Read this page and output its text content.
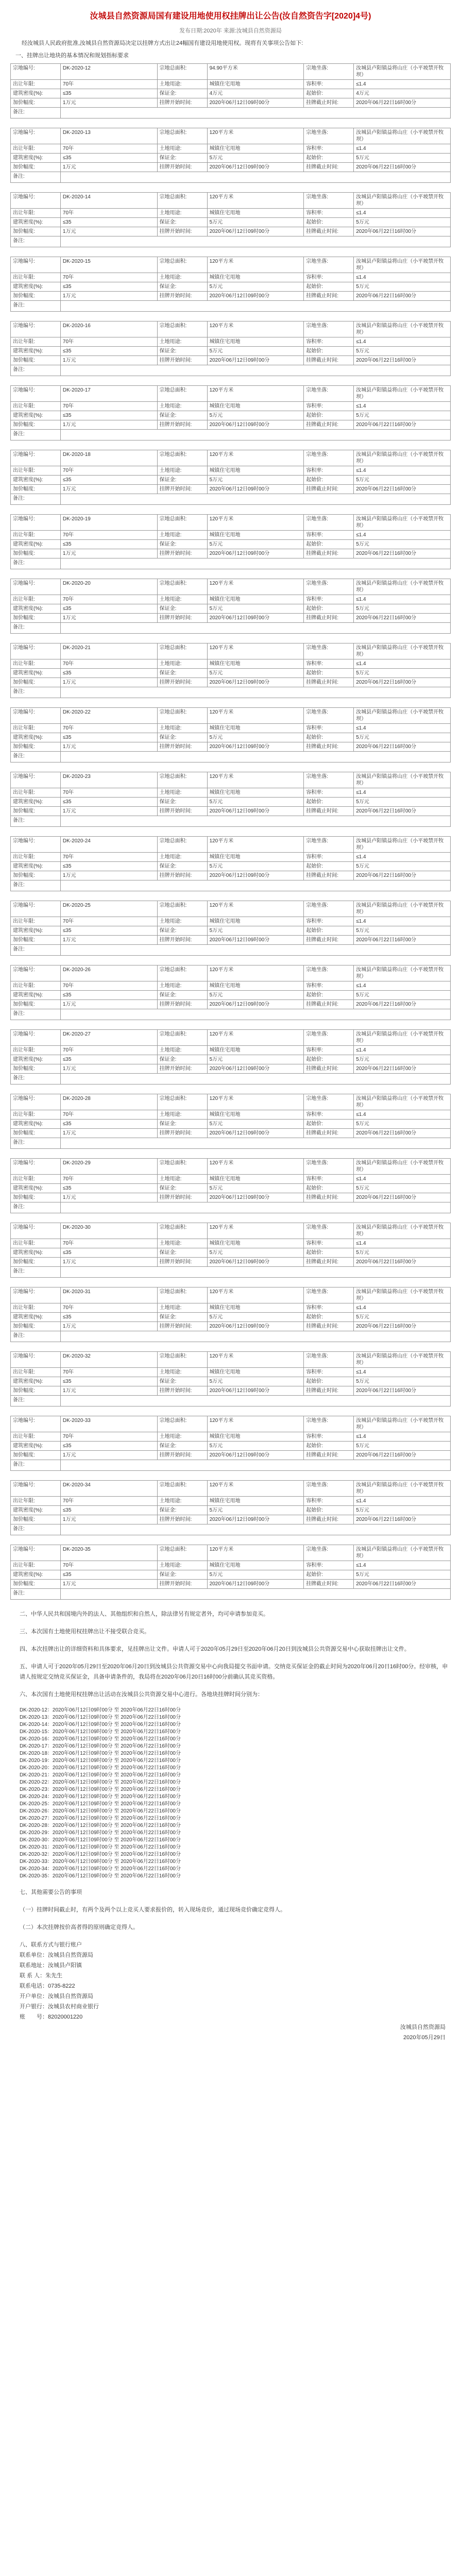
汝城县自然资源局国有建设用地使用权挂牌出让公告(汝自然资告字[2020]4号)
发布日期:2020年 来源:汝城县自然资源局

经汝城县人民政府批准,汝城县自然资源局决定以挂牌方式出让24幅国有建设用地使用权。现将有关事项公告如下:

一、挂牌出让地块的基本情况和规划指标要求
宗地编号:	DK-2020-12	宗地总面积:	94.90平方米	宗地坐落:	汝城县卢阳镇益将山庄（小平坡禁开牧坝）
出让年限:	70年	土地用途:	城镇住宅用地	容积率:	≤1.4
建筑密度(%):	≤35	保证金:	4万元	起始价:	4万元
加价幅度:	1万元	挂牌开始时间:	2020年06月12日09时00分	挂牌截止时间:	2020年06月22日16时00分
备注:					
宗地编号:	DK-2020-13	宗地总面积:	120平方米	宗地坐落:	汝城县卢阳镇益将山庄（小平坡禁开牧坝）
出让年限:	70年	土地用途:	城镇住宅用地	容积率:	≤1.4
建筑密度(%):	≤35	保证金:	5万元	起始价:	5万元
加价幅度:	1万元	挂牌开始时间:	2020年06月12日09时00分	挂牌截止时间:	2020年06月22日16时00分
备注:					
宗地编号:	DK-2020-14	宗地总面积:	120平方米	宗地坐落:	汝城县卢阳镇益将山庄（小平坡禁开牧坝）
出让年限:	70年	土地用途:	城镇住宅用地	容积率:	≤1.4
建筑密度(%):	≤35	保证金:	5万元	起始价:	5万元
加价幅度:	1万元	挂牌开始时间:	2020年06月12日09时00分	挂牌截止时间:	2020年06月22日16时00分
备注:					
宗地编号:	DK-2020-15	宗地总面积:	120平方米	宗地坐落:	汝城县卢阳镇益将山庄（小平坡禁开牧坝）
出让年限:	70年	土地用途:	城镇住宅用地	容积率:	≤1.4
建筑密度(%):	≤35	保证金:	5万元	起始价:	5万元
加价幅度:	1万元	挂牌开始时间:	2020年06月12日09时00分	挂牌截止时间:	2020年06月22日16时00分
备注:					
宗地编号:	DK-2020-16	宗地总面积:	120平方米	宗地坐落:	汝城县卢阳镇益将山庄（小平坡禁开牧坝）
出让年限:	70年	土地用途:	城镇住宅用地	容积率:	≤1.4
建筑密度(%):	≤35	保证金:	5万元	起始价:	5万元
加价幅度:	1万元	挂牌开始时间:	2020年06月12日09时00分	挂牌截止时间:	2020年06月22日16时00分
备注:					
宗地编号:	DK-2020-17	宗地总面积:	120平方米	宗地坐落:	汝城县卢阳镇益将山庄（小平坡禁开牧坝）
出让年限:	70年	土地用途:	城镇住宅用地	容积率:	≤1.4
建筑密度(%):	≤35	保证金:	5万元	起始价:	5万元
加价幅度:	1万元	挂牌开始时间:	2020年06月12日09时00分	挂牌截止时间:	2020年06月22日16时00分
备注:					
宗地编号:	DK-2020-18	宗地总面积:	120平方米	宗地坐落:	汝城县卢阳镇益将山庄（小平坡禁开牧坝）
出让年限:	70年	土地用途:	城镇住宅用地	容积率:	≤1.4
建筑密度(%):	≤35	保证金:	5万元	起始价:	5万元
加价幅度:	1万元	挂牌开始时间:	2020年06月12日09时00分	挂牌截止时间:	2020年06月22日16时00分
备注:					
宗地编号:	DK-2020-19	宗地总面积:	120平方米	宗地坐落:	汝城县卢阳镇益将山庄（小平坡禁开牧坝）
出让年限:	70年	土地用途:	城镇住宅用地	容积率:	≤1.4
建筑密度(%):	≤35	保证金:	5万元	起始价:	5万元
加价幅度:	1万元	挂牌开始时间:	2020年06月12日09时00分	挂牌截止时间:	2020年06月22日16时00分
备注:					
宗地编号:	DK-2020-20	宗地总面积:	120平方米	宗地坐落:	汝城县卢阳镇益将山庄（小平坡禁开牧坝）
出让年限:	70年	土地用途:	城镇住宅用地	容积率:	≤1.4
建筑密度(%):	≤35	保证金:	5万元	起始价:	5万元
加价幅度:	1万元	挂牌开始时间:	2020年06月12日09时00分	挂牌截止时间:	2020年06月22日16时00分
备注:					
宗地编号:	DK-2020-21	宗地总面积:	120平方米	宗地坐落:	汝城县卢阳镇益将山庄（小平坡禁开牧坝）
出让年限:	70年	土地用途:	城镇住宅用地	容积率:	≤1.4
建筑密度(%):	≤35	保证金:	5万元	起始价:	5万元
加价幅度:	1万元	挂牌开始时间:	2020年06月12日09时00分	挂牌截止时间:	2020年06月22日16时00分
备注:					
宗地编号:	DK-2020-22	宗地总面积:	120平方米	宗地坐落:	汝城县卢阳镇益将山庄（小平坡禁开牧坝）
出让年限:	70年	土地用途:	城镇住宅用地	容积率:	≤1.4
建筑密度(%):	≤35	保证金:	5万元	起始价:	5万元
加价幅度:	1万元	挂牌开始时间:	2020年06月12日09时00分	挂牌截止时间:	2020年06月22日16时00分
备注:					
宗地编号:	DK-2020-23	宗地总面积:	120平方米	宗地坐落:	汝城县卢阳镇益将山庄（小平坡禁开牧坝）
出让年限:	70年	土地用途:	城镇住宅用地	容积率:	≤1.4
建筑密度(%):	≤35	保证金:	5万元	起始价:	5万元
加价幅度:	1万元	挂牌开始时间:	2020年06月12日09时00分	挂牌截止时间:	2020年06月22日16时00分
备注:					
宗地编号:	DK-2020-24	宗地总面积:	120平方米	宗地坐落:	汝城县卢阳镇益将山庄（小平坡禁开牧坝）
出让年限:	70年	土地用途:	城镇住宅用地	容积率:	≤1.4
建筑密度(%):	≤35	保证金:	5万元	起始价:	5万元
加价幅度:	1万元	挂牌开始时间:	2020年06月12日09时00分	挂牌截止时间:	2020年06月22日16时00分
备注:					
宗地编号:	DK-2020-25	宗地总面积:	120平方米	宗地坐落:	汝城县卢阳镇益将山庄（小平坡禁开牧坝）
出让年限:	70年	土地用途:	城镇住宅用地	容积率:	≤1.4
建筑密度(%):	≤35	保证金:	5万元	起始价:	5万元
加价幅度:	1万元	挂牌开始时间:	2020年06月12日09时00分	挂牌截止时间:	2020年06月22日16时00分
备注:					
宗地编号:	DK-2020-26	宗地总面积:	120平方米	宗地坐落:	汝城县卢阳镇益将山庄（小平坡禁开牧坝）
出让年限:	70年	土地用途:	城镇住宅用地	容积率:	≤1.4
建筑密度(%):	≤35	保证金:	5万元	起始价:	5万元
加价幅度:	1万元	挂牌开始时间:	2020年06月12日09时00分	挂牌截止时间:	2020年06月22日16时00分
备注:					
宗地编号:	DK-2020-27	宗地总面积:	120平方米	宗地坐落:	汝城县卢阳镇益将山庄（小平坡禁开牧坝）
出让年限:	70年	土地用途:	城镇住宅用地	容积率:	≤1.4
建筑密度(%):	≤35	保证金:	5万元	起始价:	5万元
加价幅度:	1万元	挂牌开始时间:	2020年06月12日09时00分	挂牌截止时间:	2020年06月22日16时00分
备注:					
宗地编号:	DK-2020-28	宗地总面积:	120平方米	宗地坐落:	汝城县卢阳镇益将山庄（小平坡禁开牧坝）
出让年限:	70年	土地用途:	城镇住宅用地	容积率:	≤1.4
建筑密度(%):	≤35	保证金:	5万元	起始价:	5万元
加价幅度:	1万元	挂牌开始时间:	2020年06月12日09时00分	挂牌截止时间:	2020年06月22日16时00分
备注:					
宗地编号:	DK-2020-29	宗地总面积:	120平方米	宗地坐落:	汝城县卢阳镇益将山庄（小平坡禁开牧坝）
出让年限:	70年	土地用途:	城镇住宅用地	容积率:	≤1.4
建筑密度(%):	≤35	保证金:	5万元	起始价:	5万元
加价幅度:	1万元	挂牌开始时间:	2020年06月12日09时00分	挂牌截止时间:	2020年06月22日16时00分
备注:					
宗地编号:	DK-2020-30	宗地总面积:	120平方米	宗地坐落:	汝城县卢阳镇益将山庄（小平坡禁开牧坝）
出让年限:	70年	土地用途:	城镇住宅用地	容积率:	≤1.4
建筑密度(%):	≤35	保证金:	5万元	起始价:	5万元
加价幅度:	1万元	挂牌开始时间:	2020年06月12日09时00分	挂牌截止时间:	2020年06月22日16时00分
备注:					
宗地编号:	DK-2020-31	宗地总面积:	120平方米	宗地坐落:	汝城县卢阳镇益将山庄（小平坡禁开牧坝）
出让年限:	70年	土地用途:	城镇住宅用地	容积率:	≤1.4
建筑密度(%):	≤35	保证金:	5万元	起始价:	5万元
加价幅度:	1万元	挂牌开始时间:	2020年06月12日09时00分	挂牌截止时间:	2020年06月22日16时00分
备注:					
宗地编号:	DK-2020-32	宗地总面积:	120平方米	宗地坐落:	汝城县卢阳镇益将山庄（小平坡禁开牧坝）
出让年限:	70年	土地用途:	城镇住宅用地	容积率:	≤1.4
建筑密度(%):	≤35	保证金:	5万元	起始价:	5万元
加价幅度:	1万元	挂牌开始时间:	2020年06月12日09时00分	挂牌截止时间:	2020年06月22日16时00分
备注:					
宗地编号:	DK-2020-33	宗地总面积:	120平方米	宗地坐落:	汝城县卢阳镇益将山庄（小平坡禁开牧坝）
出让年限:	70年	土地用途:	城镇住宅用地	容积率:	≤1.4
建筑密度(%):	≤35	保证金:	5万元	起始价:	5万元
加价幅度:	1万元	挂牌开始时间:	2020年06月12日09时00分	挂牌截止时间:	2020年06月22日16时00分
备注:					
宗地编号:	DK-2020-34	宗地总面积:	120平方米	宗地坐落:	汝城县卢阳镇益将山庄（小平坡禁开牧坝）
出让年限:	70年	土地用途:	城镇住宅用地	容积率:	≤1.4
建筑密度(%):	≤35	保证金:	5万元	起始价:	5万元
加价幅度:	1万元	挂牌开始时间:	2020年06月12日09时00分	挂牌截止时间:	2020年06月22日16时00分
备注:					
宗地编号:	DK-2020-35	宗地总面积:	120平方米	宗地坐落:	汝城县卢阳镇益将山庄（小平坡禁开牧坝）
出让年限:	70年	土地用途:	城镇住宅用地	容积率:	≤1.4
建筑密度(%):	≤35	保证金:	5万元	起始价:	5万元
加价幅度:	1万元	挂牌开始时间:	2020年06月12日09时00分	挂牌截止时间:	2020年06月22日16时00分
备注:					

二、中华人民共和国境内外的法人、其他组织和自然人，除法律另有规定者外，均可申请参加竞买。

三、本次国有土地使用权挂牌出让不接受联合竞买。

四、本次挂牌出让的详细资料和具体要求，见挂牌出让文件。申请人可于2020年05月29日至2020年06月20日到汝城县公共资源交易中心获取挂牌出让文件。

五、申请人可于2020年05月29日至2020年06月20日到汝城县公共资源交易中心向我局提交书面申请。交纳竞买保证金的截止时间为2020年06月20日16时00分。经审核，申请人按规定交纳竞买保证金，具备申请条件的，我局将在2020年06月20日16时00分前确认其竞买资格。

六、本次国有土地使用权挂牌出让活动在汝城县公共资源交易中心进行。各地块挂牌时间分别为：

DK-2020-12：2020年06月12日09时00分 至 2020年06月22日16时00分
DK-2020-13：2020年06月12日09时00分 至 2020年06月22日16时00分
DK-2020-14：2020年06月12日09时00分 至 2020年06月22日16时00分
DK-2020-15：2020年06月12日09时00分 至 2020年06月22日16时00分
DK-2020-16：2020年06月12日09时00分 至 2020年06月22日16时00分
DK-2020-17：2020年06月12日09时00分 至 2020年06月22日16时00分
DK-2020-18：2020年06月12日09时00分 至 2020年06月22日16时00分
DK-2020-19：2020年06月12日09时00分 至 2020年06月22日16时00分
DK-2020-20：2020年06月12日09时00分 至 2020年06月22日16时00分
DK-2020-21：2020年06月12日09时00分 至 2020年06月22日16时00分
DK-2020-22：2020年06月12日09时00分 至 2020年06月22日16时00分
DK-2020-23：2020年06月12日09时00分 至 2020年06月22日16时00分
DK-2020-24：2020年06月12日09时00分 至 2020年06月22日16时00分
DK-2020-25：2020年06月12日09时00分 至 2020年06月22日16时00分
DK-2020-26：2020年06月12日09时00分 至 2020年06月22日16时00分
DK-2020-27：2020年06月12日09时00分 至 2020年06月22日16时00分
DK-2020-28：2020年06月12日09时00分 至 2020年06月22日16时00分
DK-2020-29：2020年06月12日09时00分 至 2020年06月22日16时00分
DK-2020-30：2020年06月12日09时00分 至 2020年06月22日16时00分
DK-2020-31：2020年06月12日09时00分 至 2020年06月22日16时00分
DK-2020-32：2020年06月12日09时00分 至 2020年06月22日16时00分
DK-2020-33：2020年06月12日09时00分 至 2020年06月22日16时00分
DK-2020-34：2020年06月12日09时00分 至 2020年06月22日16时00分
DK-2020-35：2020年06月12日09时00分 至 2020年06月22日16时00分

七、其他需要公告的事项

（一）挂牌时间截止时，有两个及两个以上竞买人要求报价的，转入现场竞价，通过现场竞价确定竞得人。

（二）本次挂牌按价高者得的原则确定竞得人。

八、联系方式与银行账户
联系单位：汝城县自然资源局
联系地址：汝城县卢阳镇
联 系 人：朱先生
联系电话：0735-8222
开户单位：汝城县自然资源局
开户银行：汝城县农村商业银行
账　　号：82020001220
汝城县自然资源局
2020年05月29日
